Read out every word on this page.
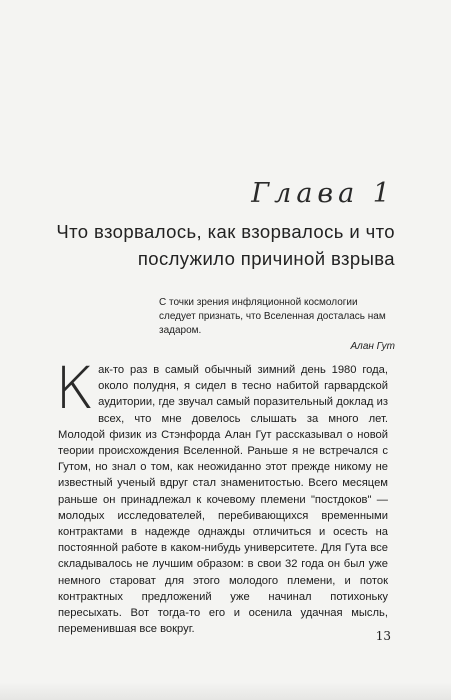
Глава 1
Что взорвалось, как взорвалось и что послужило причиной взрыва
С точки зрения инфляционной космологии следует признать, что Вселенная досталась нам задаром.
Алан Гут
К ак-то раз в самый обычный зимний день 1980 года, около полудня, я сидел в тесно набитой гарвардской аудитории, где звучал самый поразительный доклад из всех, что мне довелось слышать за много лет. Молодой физик из Стэнфорда Алан Гут рассказывал о новой теории происхождения Вселенной. Раньше я не встречался с Гутом, но знал о том, как неожиданно этот прежде никому не известный ученый вдруг стал знаменитостью. Всего месяцем раньше он принадлежал к кочевому племени "постдоков" — молодых исследователей, перебивающихся временными контрактами в надежде однажды отличиться и осесть на постоянной работе в каком-нибудь университете. Для Гута все складывалось не лучшим образом: в свои 32 года он был уже немного староват для этого молодого племени, и поток контрактных предложений уже начинал потихоньку пересыхать. Вот тогда-то его и осенила удачная мысль, переменившая все вокруг.	13
